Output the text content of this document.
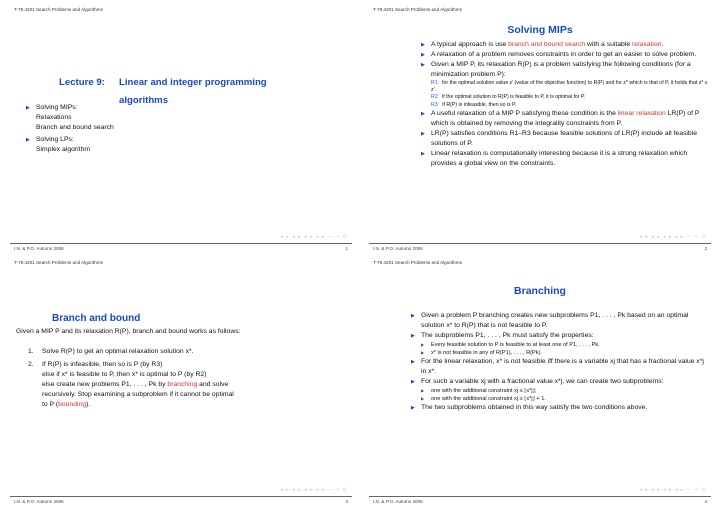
T-79.4201 Search Problems and Algorithms
Lecture 9: Linear and integer programming
algorithms
▶ Solving MIPs:
Relaxations
Branch and bound search
▶ Solving LPs:
Simplex algorithm
◂ ▸ ◂ ▸ ◂ ▸ ◂ ▸ ∽ ∾ ⊙
I.N. & P.O. Autumn 2006	1
T-79.4201 Search Problems and Algorithms
Solving MIPs
▶ A typical approach is use branch and bound search with a suitable relaxation.
▶ A relaxation of a problem removes constraints in order to get an easier to solve problem.
▶ Given a MIP P, its relaxation R(P) is a problem satisfying the following conditions (for a minimization problem P):
R1: for the optimal solution value z′ (value of the objective function) to R(P) and for z* which is that of P, it holds that z* ≥ z′.
R2: if the optimal solution to R(P) is feasible to P, it is optimal for P.
R3: If R(P) is infeasible, then so is P.
▶ A useful relaxation of a MIP P satisfying these condition is the linear relaxation LR(P) of P which is obtained by removing the integrality constraints from P.
▶ LR(P) satisfies conditions R1–R3 because feasible solutions of LR(P) include all feasible solutions of P.
▶ Linear relaxation is computationally interesting because it is a strong relaxation which provides a global view on the constraints.
◂ ▸ ◂ ▸ ◂ ▸ ◂ ▸ ∽ ∾ ⊙
I.N. & P.O. Autumn 2006	2
T-79.4201 Search Problems and Algorithms
Branch and bound
Given a MIP P and its relaxation R(P), branch and bound works as follows:
1. Solve R(P) to get an optimal relaxation solution x*.
2. If R(P) is infeasible, then so is P (by R3)
else if x* is feasible to P, then x* is optimal to P (by R2)
else create new problems P1, . . . , Pk by branching and solve
recursively. Stop examining a subproblem if it cannot be optimal
to P (bounding).
◂ ▸ ◂ ▸ ◂ ▸ ◂ ▸ ∽ ∾ ⊙
I.N. & P.O. Autumn 2006	3
T-79.4201 Search Problems and Algorithms
Branching
▶ Given a problem P branching creates new subproblems P1, . . . , Pk based on an optimal solution x* to R(P) that is not feasible to P.
▶ The subproblems P1, . . . , Pk must satisfy the properties:
▶ Every feasible solution to P is feasible to at least one of P1, . . . , Pk.
▶ x* is not feasible in any of R(P1), . . . , R(Pk).
▶ For the linear relaxation, x* is not feasible iff there is a variable xj that has a fractional value x*j in x*.
▶ For such a variable xj with a fractional value x*j, we can create two subproblems:
▶ one with the additional constraint xj ≤ ⌊x*j⌋;
▶ one with the additional constraint xj ≥ ⌊x*j⌋ + 1.
▶ The two subproblems obtained in this way satisfy the two conditions above.
◂ ▸ ◂ ▸ ◂ ▸ ◂ ▸ ∽ ∾ ⊙
I.N. & P.O. Autumn 2006	4
